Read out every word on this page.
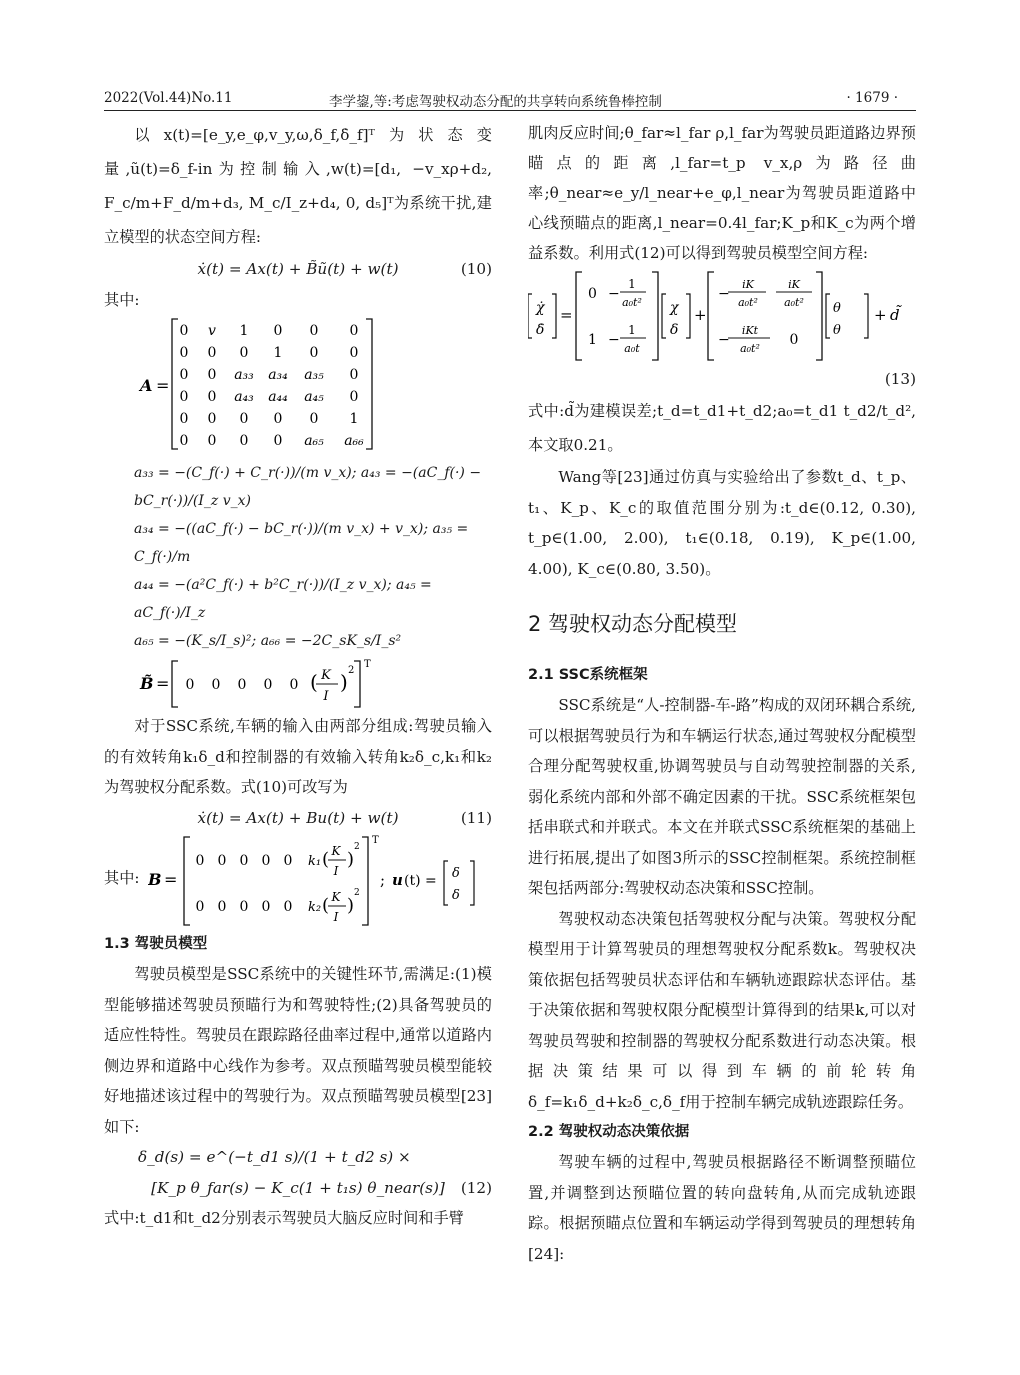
2022(Vol.44)No.11	李学鋆,等:考虑驾驶权动态分配的共享转向系统鲁棒控制	· 1679 ·

以x(t)=[e_y,e_φ,v_y,ω,δ_f,δ̇_f]ᵀ为状态变量,ũ(t)=δ_f-in为控制输入,w(t)=[d₁, −v_xρ+d₂, F_c/m+F_d/m+d₃, M_c/I_z+d₄, 0, d₅]ᵀ为系统干扰,建立模型的状态空间方程:

ẋ(t) = Ax(t) + B̃ũ(t) + w(t)	(10)

其中:

A =
0 v 1 0 0 0
0 0 0 1 0 0
0 0 a₃₃ a₃₄ a₃₅ 0
0 0 a₄₃ a₄₄ a₄₅ 0
0 0 0 0 0 1
0 0 0 0 a₆₅ a₆₆
a₃₃ = −(C_f(·) + C_r(·))/(m v_x); a₄₃ = −(aC_f(·) − bC_r(·))/(I_z v_x)
a₃₄ = −((aC_f(·) − bC_r(·))/(m v_x) + v_x); a₃₅ = C_f(·)/m
a₄₄ = −(a²C_f(·) + b²C_r(·))/(I_z v_x); a₄₅ = aC_f(·)/I_z
a₆₅ = −(K_s/I_s)²; a₆₆ = −2C_sK_s/I_s²
B̃ = 0 0 0 0 0 ( K
I
) 2
T

对于SSC系统,车辆的输入由两部分组成:驾驶员输入的有效转角k₁δ_d和控制器的有效输入转角k₂δ_c,k₁和k₂为驾驶权分配系数。式(10)可改写为

ẋ(t) = Ax(t) + Bu(t) + w(t)	(11)
其中: B =
0 0 0 0 0
0 0 0 0 0
k₁ ( K
I
)
2
k₂ ( K
I
)
2
T
; u (t) = δ
δ

1.3 驾驶员模型

驾驶员模型是SSC系统中的关键性环节,需满足:(1)模型能够描述驾驶员预瞄行为和驾驶特性;(2)具备驾驶员的适应性特性。驾驶员在跟踪路径曲率过程中,通常以道路内侧边界和道路中心线作为参考。双点预瞄驾驶员模型能较好地描述该过程中的驾驶行为。双点预瞄驾驶员模型[23]如下:

δ_d(s) = e^(−t_d1 s)/(1 + t_d2 s) ×
[K_p θ_far(s) − K_c(1 + t₁s) θ_near(s)] (12)

式中:t_d1和t_d2分别表示驾驶员大脑反应时间和手臂

肌肉反应时间;θ_far≈l_far ρ,l_far为驾驶员距道路边界预瞄点的距离,l_far=t_p v_x,ρ为路径曲率;θ_near≈e_y/l_near+e_φ,l_near为驾驶员距道路中心线预瞄点的距离,l_near=0.4l_far;K_p和K_c为两个增益系数。利用式(12)可以得到驾驶员模型空间方程:

χ̇
δ̇
=
0
1
−
−
1
a₀t²
1
a₀t
χ
δ
+
−
iK
a₀t²
iK
a₀t²
−
iKt
a₀t²
0
θ
θ
+ d̃
(13)

式中:d̃为建模误差;t_d=t_d1+t_d2;a₀=t_d1 t_d2/t_d²,本文取0.21。

Wang等[23]通过仿真与实验给出了参数t_d、t_p、t₁、K_p、K_c的取值范围分别为:t_d∈(0.12, 0.30), t_p∈(1.00, 2.00), t₁∈(0.18, 0.19), K_p∈(1.00, 4.00), K_c∈(0.80, 3.50)。

2 驾驶权动态分配模型

2.1 SSC系统框架

SSC系统是“人-控制器-车-路”构成的双闭环耦合系统,可以根据驾驶员行为和车辆运行状态,通过驾驶权分配模型合理分配驾驶权重,协调驾驶员与自动驾驶控制器的关系,弱化系统内部和外部不确定因素的干扰。SSC系统框架包括串联式和并联式。本文在并联式SSC系统框架的基础上进行拓展,提出了如图3所示的SSC控制框架。系统控制框架包括两部分:驾驶权动态决策和SSC控制。

驾驶权动态决策包括驾驶权分配与决策。驾驶权分配模型用于计算驾驶员的理想驾驶权分配系数k。驾驶权决策依据包括驾驶员状态评估和车辆轨迹跟踪状态评估。基于决策依据和驾驶权限分配模型计算得到的结果k,可以对驾驶员驾驶和控制器的驾驶权分配系数进行动态决策。根据决策结果可以得到车辆的前轮转角δ_f=k₁δ_d+k₂δ_c,δ_f用于控制车辆完成轨迹跟踪任务。

2.2 驾驶权动态决策依据

驾驶车辆的过程中,驾驶员根据路径不断调整预瞄位置,并调整到达预瞄位置的转向盘转角,从而完成轨迹跟踪。根据预瞄点位置和车辆运动学得到驾驶员的理想转角[24]:
